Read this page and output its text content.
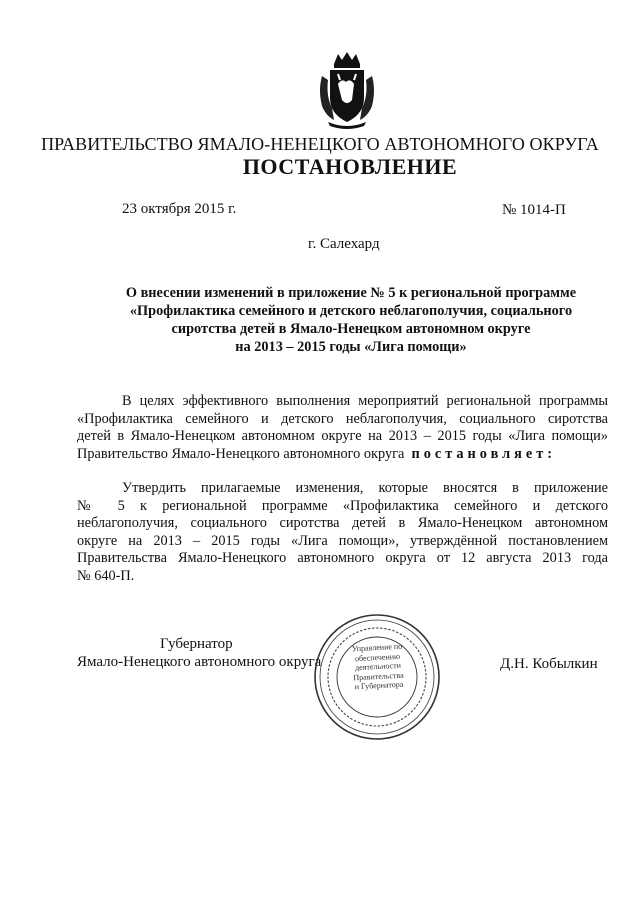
ПРАВИТЕЛЬСТВО ЯМАЛО-НЕНЕЦКОГО АВТОНОМНОГО ОКРУГА
ПОСТАНОВЛЕНИЕ
23 октября 2015 г.	№ 1014-П
г. Салехард
О внесении изменений в приложение № 5 к региональной программе
«Профилактика семейного и детского неблагополучия, социального
сиротства детей в Ямало-Ненецком автономном округе
на 2013 – 2015 годы «Лига помощи»
В целях эффективного выполнения мероприятий региональной программы
«Профилактика семейного и детского неблагополучия, социального сиротства
детей в Ямало-Ненецком автономном округе на 2013 – 2015 годы «Лига помощи»
Правительство Ямало-Ненецкого автономного округа постановляет:
Утвердить прилагаемые изменения, которые вносятся в приложение
№ 5 к региональной программе «Профилактика семейного и детского
неблагополучия, социального сиротства детей в Ямало-Ненецком автономном
округе на 2013 – 2015 годы «Лига помощи», утверждённой постановлением
Правительства Ямало-Ненецкого автономного округа от 12 августа 2013 года
№ 640-П.
Губернатор
Ямало-Ненецкого автономного округа	Д.Н. Кобылкин
Управление по
обеспечению
деятельности
Правительства
и Губернатора
